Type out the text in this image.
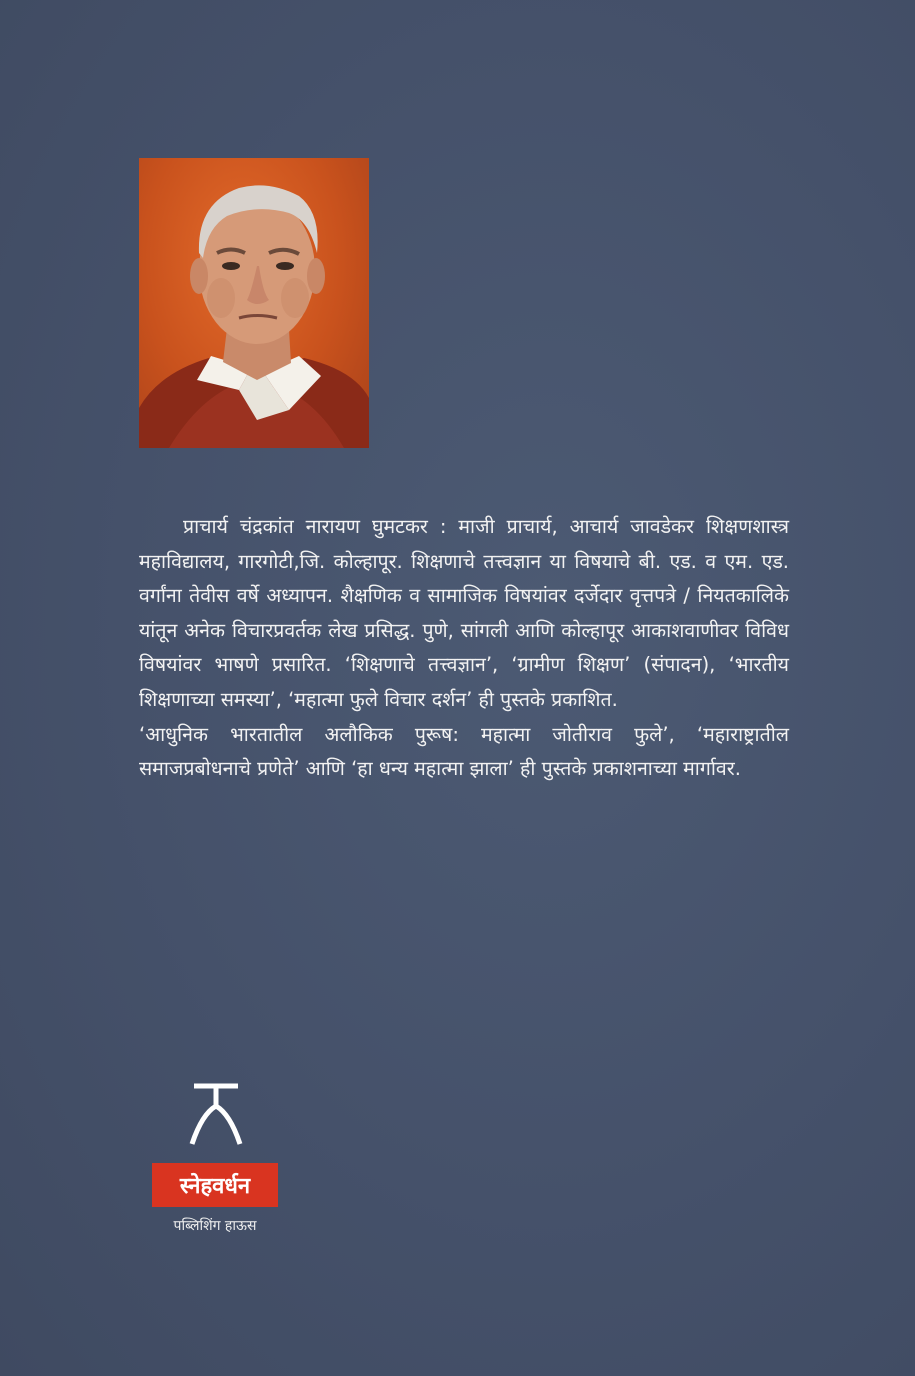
प्राचार्य चंद्रकांत नारायण घुमटकर : माजी प्राचार्य, आचार्य जावडेकर शिक्षणशास्त्र महाविद्यालय, गारगोटी,जि. कोल्हापूर. शिक्षणाचे तत्त्वज्ञान या विषयाचे बी. एड. व एम. एड. वर्गांना तेवीस वर्षे अध्यापन. शैक्षणिक व सामाजिक विषयांवर दर्जेदार वृत्तपत्रे / नियतकालिके यांतून अनेक विचारप्रवर्तक लेख प्रसिद्ध. पुणे, सांगली आणि कोल्हापूर आकाशवाणीवर विविध विषयांवर भाषणे प्रसारित. ‘शिक्षणाचे तत्त्वज्ञान’, ‘ग्रामीण शिक्षण’ (संपादन), ‘भारतीय शिक्षणाच्या समस्या’, ‘महात्मा फुले विचार दर्शन’ ही पुस्तके प्रकाशित.

‘आधुनिक भारतातील अलौकिक पुरूष: महात्मा जोतीराव फुले’, ‘महाराष्ट्रातील समाजप्रबोधनाचे प्रणेते’ आणि ‘हा धन्य महात्मा झाला’ ही पुस्तके प्रकाशनाच्या मार्गावर.

स्नेहवर्धन
पब्लिशिंग हाऊस
